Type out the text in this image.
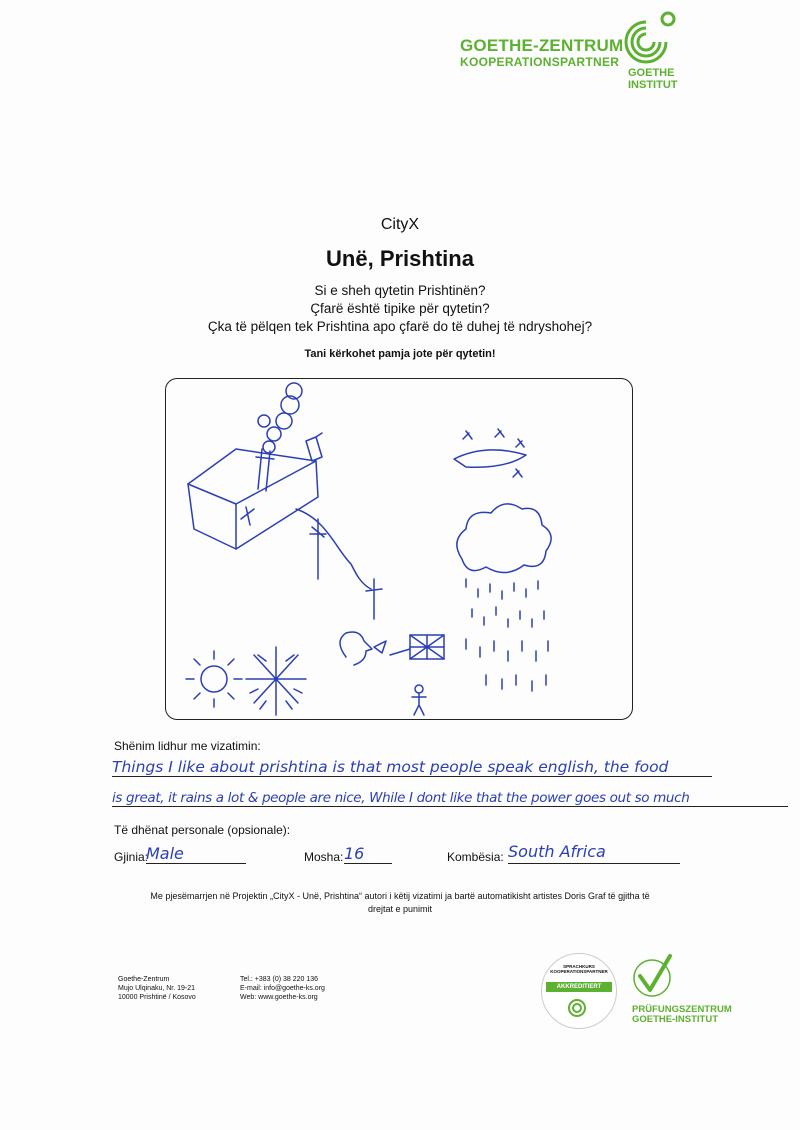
GOETHE-ZENTRUM
KOOPERATIONSPARTNER
GOETHE
INSTITUT
CityX
Unë, Prishtina
Si e sheh qytetin Prishtinën?
Çfarë është tipike për qytetin?
Çka të pëlqen tek Prishtina apo çfarë do të duhej të ndryshohej?
Tani kërkohet pamja jote për qytetin!
Shënim lidhur me vizatimin:
Things I like about prishtina is that most people speak english, the food
is great, it rains a lot & people are nice, While I dont like that the power goes out so much
Të dhënat personale (opsionale):
Gjinia:
Male	Mosha: 16	Kombësia: South Africa
Me pjesëmarrjen në Projektin „CityX - Unë, Prishtina“ autori i këtij vizatimi ja bartë automatikisht artistes Doris Graf të gjitha të
drejtat e punimit
Goethe-Zentrum
Mujo Ulqinaku, Nr. 19-21
10000 Prishtinë / Kosovo
Tel.: +383 (0) 38 220 136
E-mail: info@goethe-ks.org
Web: www.goethe-ks.org
SPRACHKURS KOOPERATIONSPARTNER
AKKREDITIERT
PRÜFUNGSZENTRUM
GOETHE-INSTITUT
